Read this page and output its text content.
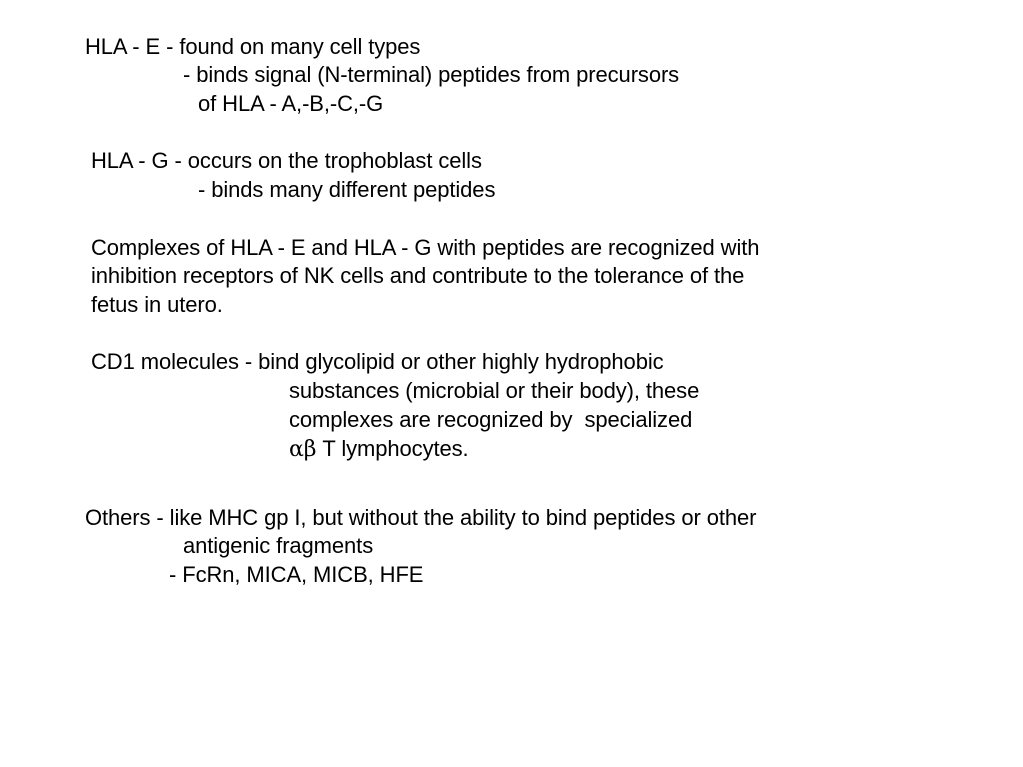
HLA - E - found on many cell types
- binds signal (N-terminal) peptides from precursors
of HLA - A,-B,-C,-G
HLA - G - occurs on the trophoblast cells
- binds many different peptides
Complexes of HLA - E and HLA - G with peptides are recognized with
inhibition receptors of NK cells and contribute to the tolerance of the
fetus in utero.
CD1 molecules - bind glycolipid or other highly hydrophobic
substances (microbial or their body), these
complexes are recognized by  specialized
αβ T lymphocytes.
Others - like MHC gp I, but without the ability to bind peptides or other
antigenic fragments
- FcRn, MICA, MICB, HFE
